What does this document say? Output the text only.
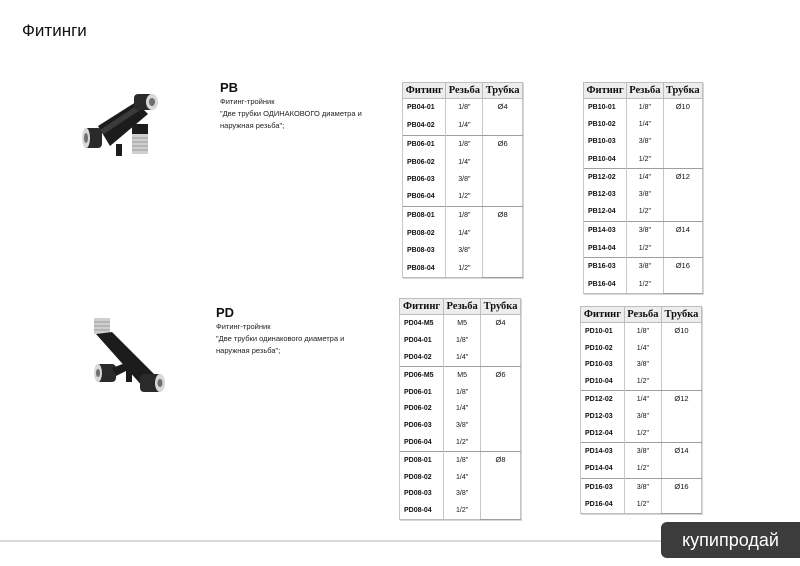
Фитинги
PB
Фитинг-тройник
"Две трубки ОДИНАКОВОГО диаметра и
наружная резьба";
PD
Фитинг-тройник
"Две трубки одинакового диаметра и
наружная резьба";
Фитинг	Резьба	Трубка
PB04-01	1/8"	Ø4
PB04-02	1/4"	
PB06-01	1/8"	Ø6
PB06-02	1/4"	
PB06-03	3/8"	
PB06-04	1/2"	
PB08-01	1/8"	Ø8
PB08-02	1/4"	
PB08-03	3/8"	
PB08-04	1/2"	
Фитинг	Резьба	Трубка
PB10-01	1/8"	Ø10
PB10-02	1/4"	
PB10-03	3/8"	
PB10-04	1/2"	
PB12-02	1/4"	Ø12
PB12-03	3/8"	
PB12-04	1/2"	
PB14-03	3/8"	Ø14
PB14-04	1/2"	
PB16-03	3/8"	Ø16
PB16-04	1/2"	
Фитинг	Резьба	Трубка
PD04-M5	M5	Ø4
PD04-01	1/8"	
PD04-02	1/4"	
PD06-M5	M5	Ø6
PD06-01	1/8"	
PD06-02	1/4"	
PD06-03	3/8"	
PD06-04	1/2"	
PD08-01	1/8"	Ø8
PD08-02	1/4"	
PD08-03	3/8"	
PD08-04	1/2"	
Фитинг	Резьба	Трубка
PD10-01	1/8"	Ø10
PD10-02	1/4"	
PD10-03	3/8"	
PD10-04	1/2"	
PD12-02	1/4"	Ø12
PD12-03	3/8"	
PD12-04	1/2"	
PD14-03	3/8"	Ø14
PD14-04	1/2"	
PD16-03	3/8"	Ø16
PD16-04	1/2"	
купипродай
